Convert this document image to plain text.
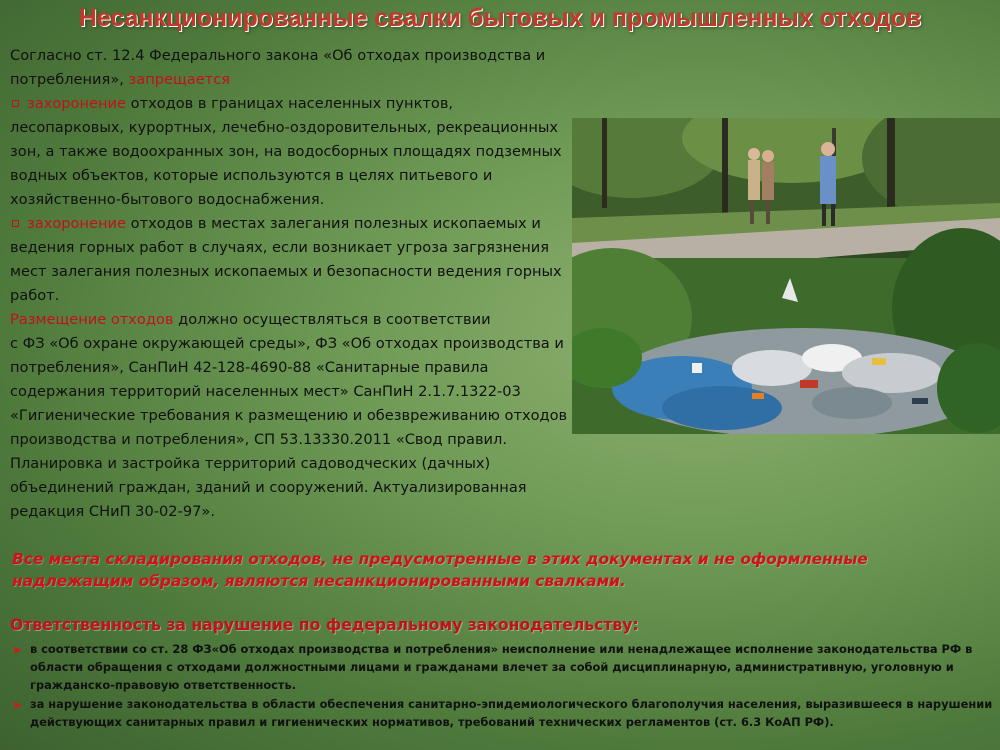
Несанкционированные свалки бытовых и промышленных отходов

Согласно ст. 12.4 Федерального закона «Об отходах производства и потребления», запрещается

захоронение отходов в границах населенных пунктов, лесопарковых, курортных, лечебно-оздоровительных, рекреационных зон, а также водоохранных зон, на водосборных площадях подземных водных объектов, которые используются в целях питьевого и хозяйственно-бытового водоснабжения.

захоронение отходов в местах залегания полезных ископаемых и ведения горных работ в случаях, если возникает угроза загрязнения мест залегания полезных ископаемых и безопасности ведения горных работ.

Размещение отходов должно осуществляться в соответствии

с ФЗ «Об охране окружающей среды», ФЗ «Об отходах производства и потребления», СанПиН 42-128-4690-88 «Санитарные правила содержания территорий населенных мест» СанПиН 2.1.7.1322-03 «Гигиенические требования к размещению и обезвреживанию отходов производства и потребления», СП 53.13330.2011 «Свод правил. Планировка и застройка территорий садоводческих (дачных) объединений граждан, зданий и сооружений. Актуализированная редакция СНиП 30-02-97».

Все места складирования отходов, не предусмотренные в этих документах и не оформленные надлежащим образом, являются несанкционированными свалками.
Ответственность за нарушение по федеральному законодательству:
➤ в соответствии со ст. 28 ФЗ«Об отходах производства и потребления» неисполнение или ненадлежащее исполнение законодательства РФ в области обращения с отходами должностными лицами и гражданами влечет за собой дисциплинарную, административную, уголовную и гражданско-правовую ответственность.
➤ за нарушение законодательства в области обеспечения санитарно-эпидемиологического благополучия населения, выразившееся в нарушении действующих санитарных правил и гигиенических нормативов, требований технических регламентов (ст. 6.3 КоАП РФ).
